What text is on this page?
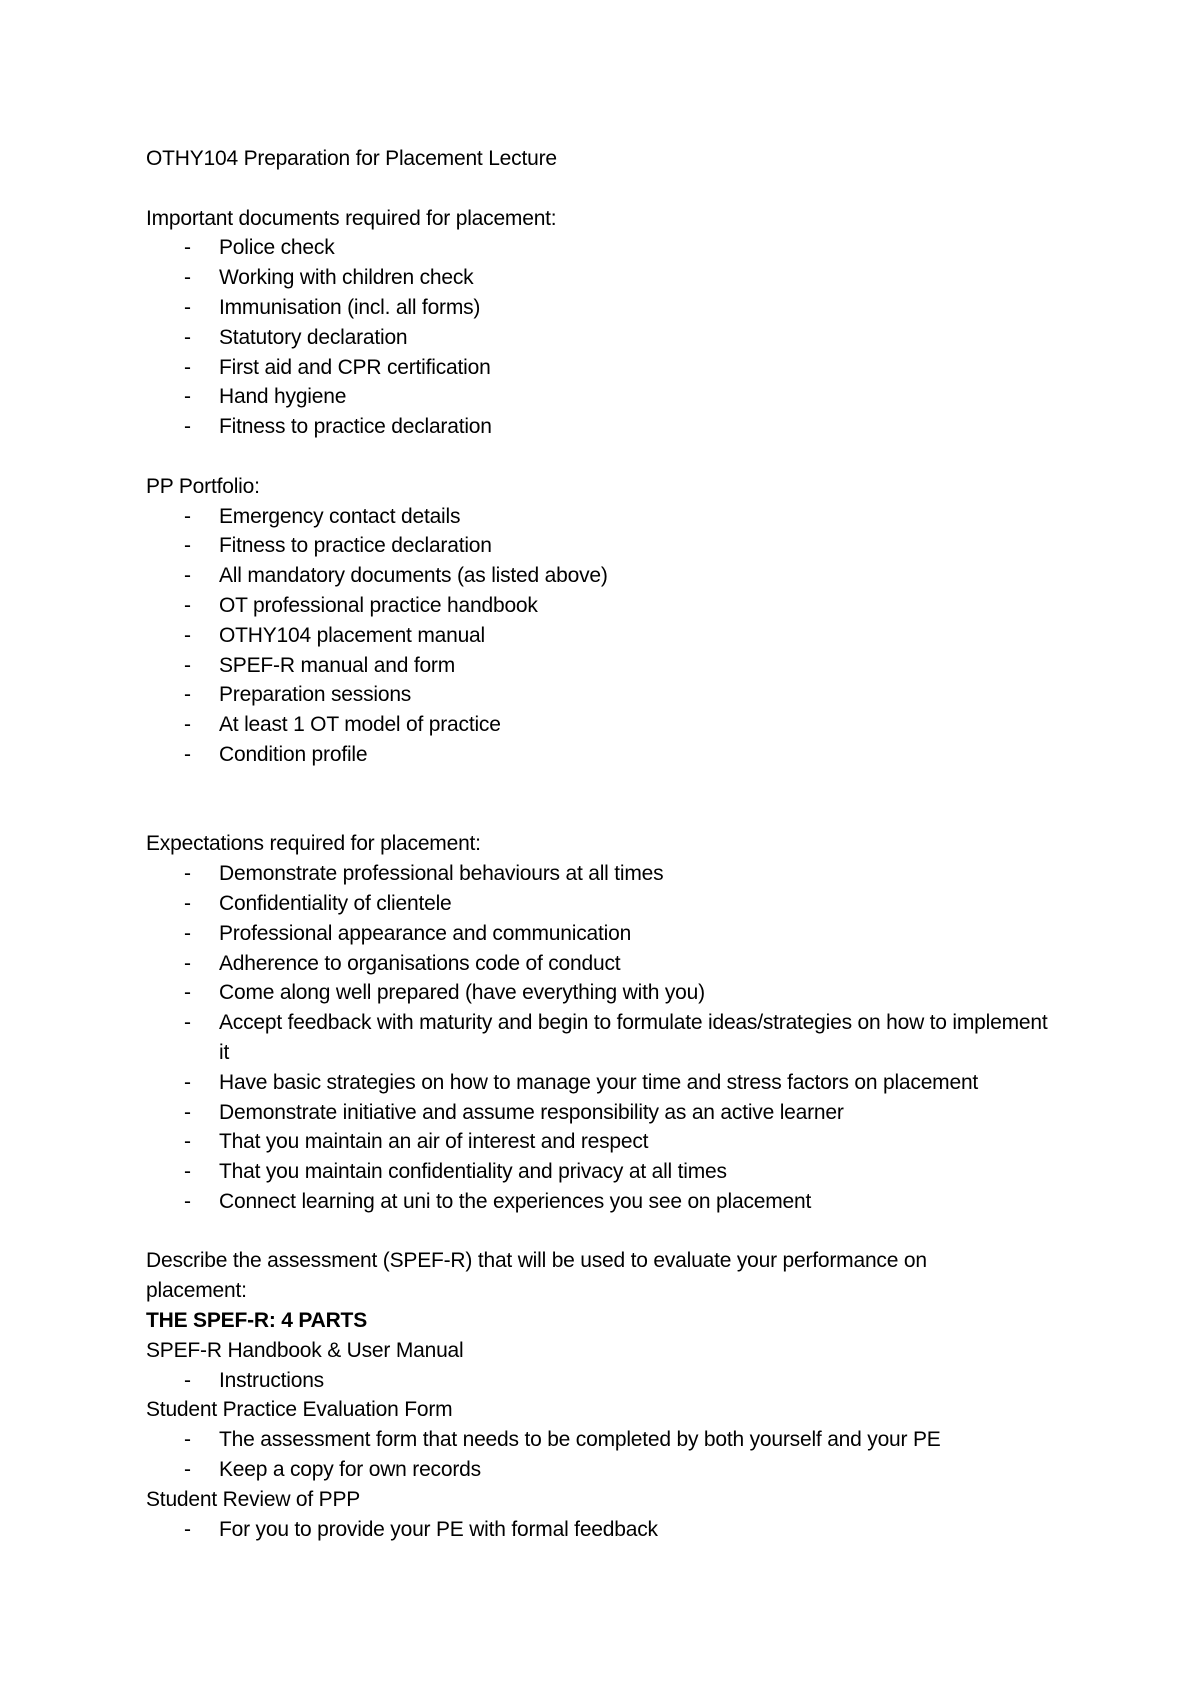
OTHY104 Preparation for Placement Lecture

Important documents required for placement:

- Police check
- Working with children check
- Immunisation (incl. all forms)
- Statutory declaration
- First aid and CPR certification
- Hand hygiene
- Fitness to practice declaration

PP Portfolio:

- Emergency contact details
- Fitness to practice declaration
- All mandatory documents (as listed above)
- OT professional practice handbook
- OTHY104 placement manual
- SPEF-R manual and form
- Preparation sessions
- At least 1 OT model of practice
- Condition profile

Expectations required for placement:

- Demonstrate professional behaviours at all times
- Confidentiality of clientele
- Professional appearance and communication
- Adherence to organisations code of conduct
- Come along well prepared (have everything with you)
- Accept feedback with maturity and begin to formulate ideas/strategies on how to implement it
- Have basic strategies on how to manage your time and stress factors on placement
- Demonstrate initiative and assume responsibility as an active learner
- That you maintain an air of interest and respect
- That you maintain confidentiality and privacy at all times
- Connect learning at uni to the experiences you see on placement

Describe the assessment (SPEF-R) that will be used to evaluate your performance on placement:

THE SPEF-R: 4 PARTS

SPEF-R Handbook & User Manual

- Instructions

Student Practice Evaluation Form

- The assessment form that needs to be completed by both yourself and your PE
- Keep a copy for own records

Student Review of PPP

- For you to provide your PE with formal feedback
